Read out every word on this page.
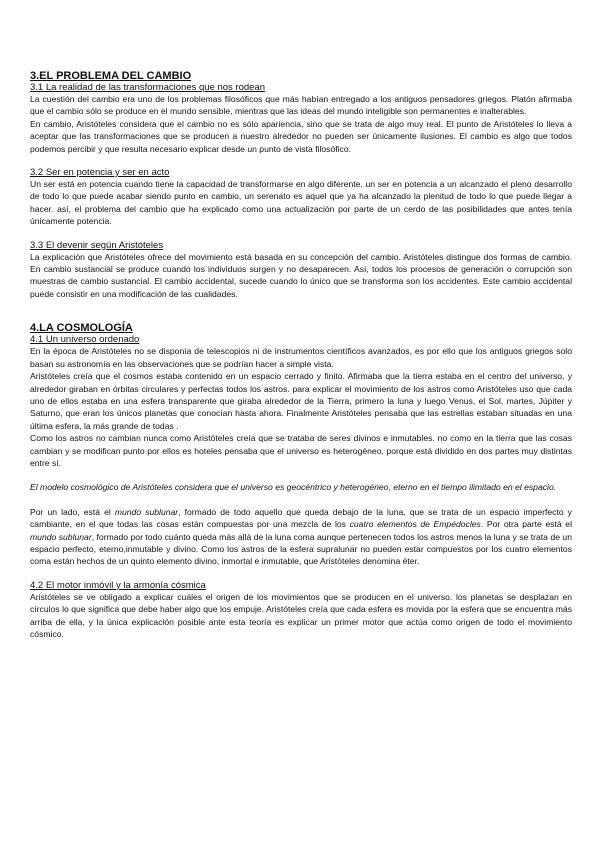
3.EL PROBLEMA DEL CAMBIO
3.1 La realidad de las transformaciones que nos rodean

La cuestión del cambio era uno de los problemas filosóficos que más habían entregado a los antiguos pensadores griegos. Platón afirmaba que el cambio sólo se produce en el mundo sensible, mientras que las ideas del mundo inteligible son permanentes e inalterables.

En cambio, Aristóteles considera que el cambio no es sólo apariencia, sino que se trata de algo muy real. El punto de Aristóteles lo lleva a aceptar que las transformaciones que se producen a nuestro alrededor no pueden ser únicamente ilusiones. El cambio es algo que todos podemos percibir y que resulta necesario explicar desde un punto de vista filosófico.

3.2 Ser en potencia y ser en acto

Un ser está en potencia cuando tiene la capacidad de transformarse en algo diferente. un ser en potencia a un alcanzado el pleno desarrollo de todo lo que puede acabar siendo punto en cambio, un serenato es aquel que ya ha alcanzado la plenitud de todo lo que puede llegar a hacer. así, el problema del cambio que ha explicado como una actualización por parte de un cerdo de las posibilidades que antes tenía únicamente potencia.

3.3 El devenir según Aristóteles

La explicación que Aristóteles ofrece del movimiento está basada en su concepción del cambio. Aristóteles distingue dos formas de cambio. En cambio sustancial se produce cuando los individuos surgen y no desaparecen. Así, todos los procesos de generación o corrupción son muestras de cambio sustancial. El cambio accidental, sucede cuando lo único que se transforma son los accidentes. Este cambio accidental puede consistir en una modificación de las cualidades.

4.LA COSMOLOGÍA
4.1 Un universo ordenado

En la época de Aristóteles no se disponía de telescopios ni de instrumentos científicos avanzados, es por ello que los antiguos griegos solo basan su astronomía en las observaciones que se podrían hacer a simple vista.

Aristóteles creía que el cosmos estaba contenido en un espacio cerrado y finito. Afirmaba que la tierra estaba en el centro del universo, y alrededor giraban en órbitas circulares y perfectas todos los astros. para explicar el movimiento de los astros como Aristóteles uso que cada uno de ellos estaba en una esfera transparente que giraba alrededor de la Tierra, primero la luna y luego Venus, el Sol, martes, Júpiter y Saturno, que eran los únicos planetas que conocían hasta ahora. Finalmente Aristóteles pensaba que las estrellas estaban situadas en una última esfera, la más grande de todas .

Como los astros no cambian nunca como Aristóteles creía que se trataba de seres divinos e inmutables. no como en la tierra que las cosas cambian y se modifican punto por ellos es hoteles pensaba que el universo es heterogéneo, porque está dividido en dos partes muy distintas entre sí.

El modelo cosmológico de Aristóteles considera que el universo es geocéntrico y heterogéneo, eterno en el tiempo ilimitado en el espacio.

Por un lado, está el mundo sublunar, formado de todo aquello que queda debajo de la luna, que se trata de un espacio imperfecto y cambiante, en el que todas las cosas están compuestas por una mezcla de los cuatro elementos de Empédocles. Por otra parte está el mundo sublunar, formado por todo cuánto queda más allá de la luna coma aunque pertenecen todos los astros menos la luna y se trata de un espacio perfecto, eterno,inmutable y divino. Como los astros de la esfera supralunar no pueden estar compuestos por los cuatro elementos coma están hechos de un quinto elemento divino, inmortal e inmutable, que Aristóteles denomina éter.

4.2 El motor inmóvil y la armonía cósmica

Aristóteles se ve obligado a explicar cuáles el origen de los movimientos que se producen en el universo. los planetas se desplazan en círculos lo que significa que debe haber algo que los empuje. Aristóteles creía que cada esfera es movida por la esfera que se encuentra más arriba de ella, y la única explicación posible ante esta teoría es explicar un primer motor que actúa como origen de todo el movimiento cósmico.
